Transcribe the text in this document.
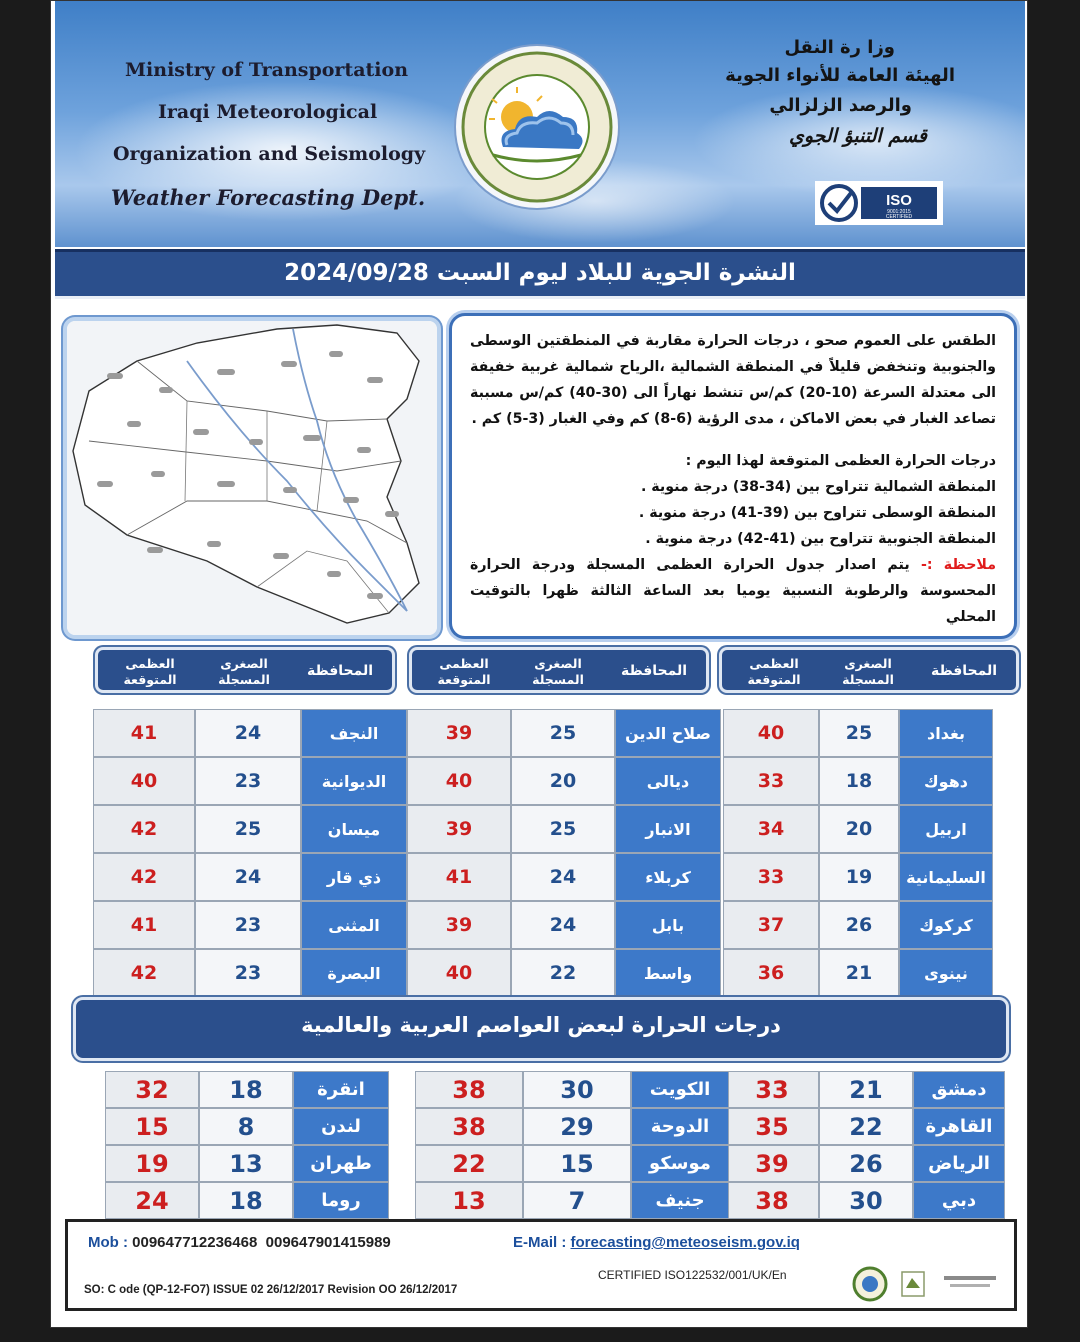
Ministry of Transportation
Iraqi Meteorological
Organization and Seismology
Weather Forecasting Dept.
وزا رة النقل
الهيئة العامة للأنواء الجوية
والرصد الزلزالي
قسم التنبؤ الجوي
ISO
9001:2015
CERTIFIED
النشرة الجوية للبلاد ليوم السبت 2024/09/28

الطقس على العموم صحو ، درجات الحرارة مقاربة في المنطقتين الوسطى والجنوبية وتنخفض قليلاً في المنطقة الشمالية ،الرياح شمالية غربية خفيفة الى معتدلة السرعة (10-20) كم/س تنشط نهاراً الى (30-40) كم/س مسببة تصاعد الغبار في بعض الاماكن ، مدى الرؤية (6-8) كم وفي الغبار (3-5) كم .

درجات الحرارة العظمى المتوقعة لهذا اليوم :

المنطقة الشمالية تتراوح بين (34-38) درجة منوية .

المنطقة الوسطى تتراوح بين (39-41) درجة منوية .

المنطقة الجنوبية تتراوح بين (41-42) درجة منوية .

ملاحظة :- يتم اصدار جدول الحرارة العظمى المسجلة ودرجة الحرارة المحسوسة والرطوبة النسبية يوميا بعد الساعة الثالثة ظهرا بالتوقيت المحلي

المحافظة
الصغرى المسجلة
العظمى المتوقعة
المحافظة
الصغرى المسجلة
العظمى المتوقعة
المحافظة
الصغرى المسجلة
العظمى المتوقعة
40	25	بغداد
33	18	دهوك
34	20	اربيل
33	19	السليمانية
37	26	كركوك
36	21	نينوى
39	25	صلاح الدين
40	20	ديالى
39	25	الانبار
41	24	كربلاء
39	24	بابل
40	22	واسط
41	24	النجف
40	23	الديوانية
42	25	ميسان
42	24	ذي قار
41	23	المثنى
42	23	البصرة
درجات الحرارة لبعض العواصم العربية والعالمية
33	21	دمشق
35	22	القاهرة
39	26	الرياض
38	30	دبي
38	30	الكويت
38	29	الدوحة
22	15	موسكو
13	7	جنيف
32	18	انقرة
15	8	لندن
19	13	طهران
24	18	روما
Mob : 009647712236468 009647901415989	E-Mail : forecasting@meteoseism.gov.iq
CERTIFIED ISO122532/001/UK/En
SO: C ode (QP-12-FO7) ISSUE 02 26/12/2017 Revision OO 26/12/2017
